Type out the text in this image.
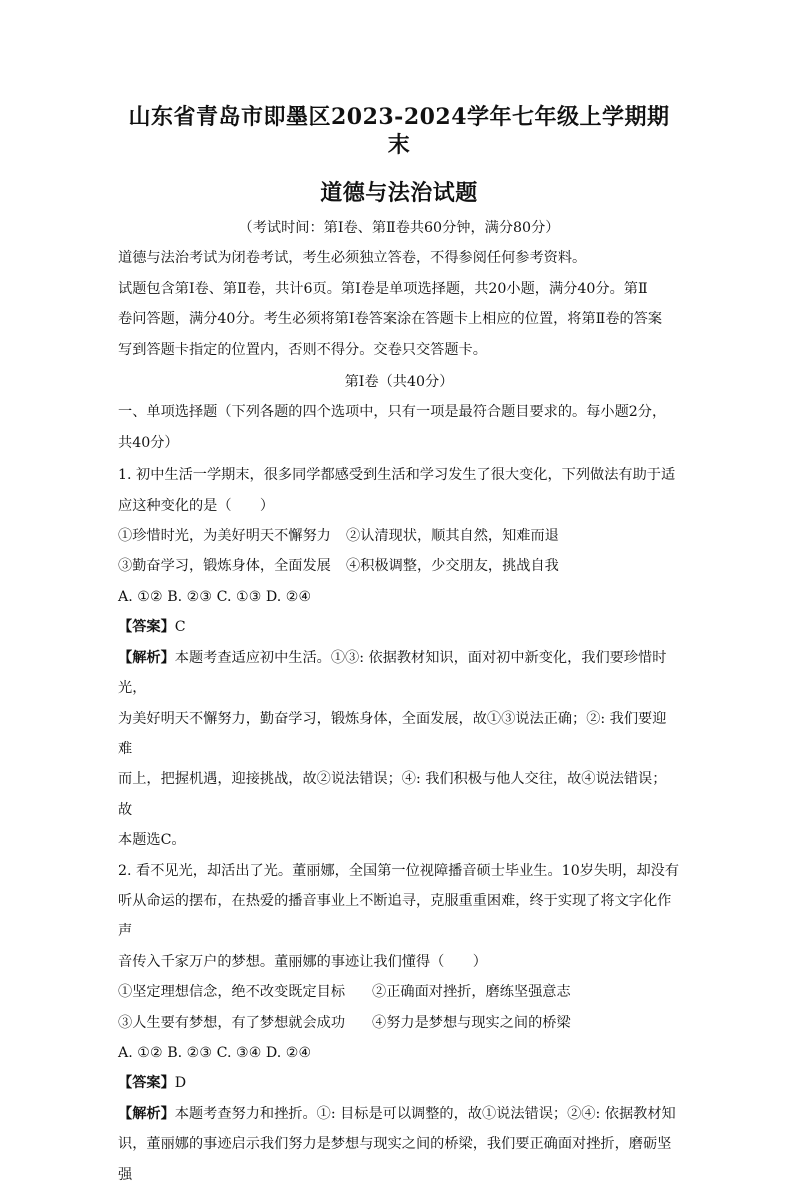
山东省青岛市即墨区2023-2024学年七年级上学期期末
道德与法治试题
（考试时间：第Ⅰ卷、第Ⅱ卷共60分钟，满分80分）
道德与法治考试为闭卷考试，考生必须独立答卷，不得参阅任何参考资料。
试题包含第Ⅰ卷、第Ⅱ卷，共计6页。第Ⅰ卷是单项选择题，共20小题，满分40分。第Ⅱ
卷问答题，满分40分。考生必须将第Ⅰ卷答案涂在答题卡上相应的位置，将第Ⅱ卷的答案
写到答题卡指定的位置内，否则不得分。交卷只交答题卡。
第Ⅰ卷（共40分）
一、单项选择题（下列各题的四个选项中，只有一项是最符合题目要求的。每小题2分，
共40分）
1. 初中生活一学期末，很多同学都感受到生活和学习发生了很大变化，下列做法有助于适
应这种变化的是（　　）
①珍惜时光，为美好明天不懈努力 ②认清现状，顺其自然，知难而退
③勤奋学习，锻炼身体，全面发展 ④积极调整，少交朋友，挑战自我
A. ①② B. ②③ C. ①③ D. ②④
【答案】C
【解析】本题考查适应初中生活。①③: 依据教材知识，面对初中新变化，我们要珍惜时光，
为美好明天不懈努力，勤奋学习，锻炼身体，全面发展，故①③说法正确；②: 我们要迎难
而上，把握机遇，迎接挑战，故②说法错误；④: 我们积极与他人交往，故④说法错误；故
本题选C。
2. 看不见光，却活出了光。董丽娜，全国第一位视障播音硕士毕业生。10岁失明，却没有
听从命运的摆布，在热爱的播音事业上不断追寻，克服重重困难，终于实现了将文字化作声
音传入千家万户的梦想。董丽娜的事迹让我们懂得（　　）
①坚定理想信念，绝不改变既定目标 ②正确面对挫折，磨练坚强意志
③人生要有梦想，有了梦想就会成功 ④努力是梦想与现实之间的桥梁
A. ①② B. ②③ C. ③④ D. ②④
【答案】D
【解析】本题考查努力和挫折。①: 目标是可以调整的，故①说法错误；②④: 依据教材知
识，董丽娜的事迹启示我们努力是梦想与现实之间的桥梁，我们要正确面对挫折，磨砺坚强
